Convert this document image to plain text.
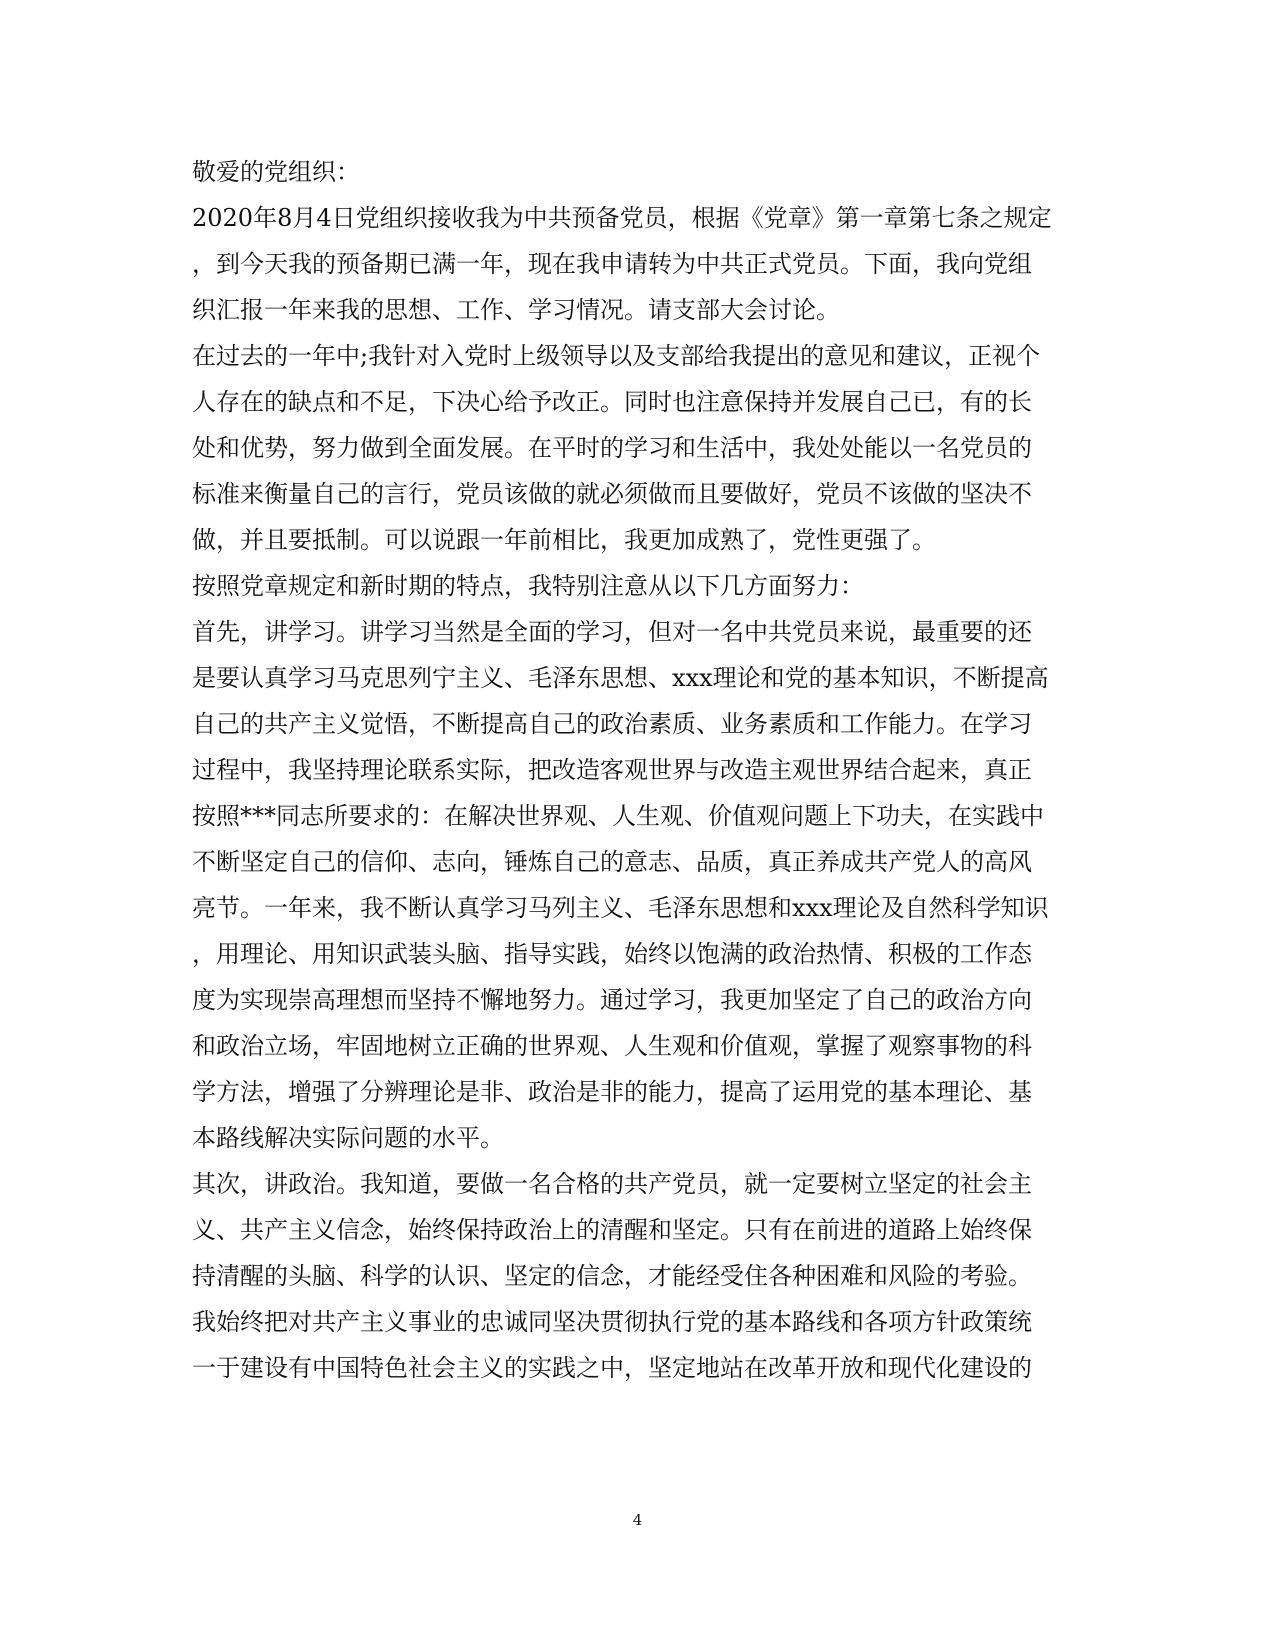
敬爱的党组织：
2020年8月4日党组织接收我为中共预备党员，根据《党章》第一章第七条之规定
，到今天我的预备期已满一年，现在我申请转为中共正式党员。下面，我向党组
织汇报一年来我的思想、工作、学习情况。请支部大会讨论。
在过去的一年中;我针对入党时上级领导以及支部给我提出的意见和建议，正视个
人存在的缺点和不足，下决心给予改正。同时也注意保持并发展自己已，有的长
处和优势，努力做到全面发展。在平时的学习和生活中，我处处能以一名党员的
标准来衡量自己的言行，党员该做的就必须做而且要做好，党员不该做的坚决不
做，并且要抵制。可以说跟一年前相比，我更加成熟了，党性更强了。
按照党章规定和新时期的特点，我特别注意从以下几方面努力：
首先，讲学习。讲学习当然是全面的学习，但对一名中共党员来说，最重要的还
是要认真学习马克思列宁主义、毛泽东思想、xxx理论和党的基本知识，不断提高
自己的共产主义觉悟，不断提高自己的政治素质、业务素质和工作能力。在学习
过程中，我坚持理论联系实际，把改造客观世界与改造主观世界结合起来，真正
按照***同志所要求的：在解决世界观、人生观、价值观问题上下功夫，在实践中
不断坚定自己的信仰、志向，锤炼自己的意志、品质，真正养成共产党人的高风
亮节。一年来，我不断认真学习马列主义、毛泽东思想和xxx理论及自然科学知识
，用理论、用知识武装头脑、指导实践，始终以饱满的政治热情、积极的工作态
度为实现崇高理想而坚持不懈地努力。通过学习，我更加坚定了自己的政治方向
和政治立场，牢固地树立正确的世界观、人生观和价值观，掌握了观察事物的科
学方法，增强了分辨理论是非、政治是非的能力，提高了运用党的基本理论、基
本路线解决实际问题的水平。
其次，讲政治。我知道，要做一名合格的共产党员，就一定要树立坚定的社会主
义、共产主义信念，始终保持政治上的清醒和坚定。只有在前进的道路上始终保
持清醒的头脑、科学的认识、坚定的信念，才能经受住各种困难和风险的考验。
我始终把对共产主义事业的忠诚同坚决贯彻执行党的基本路线和各项方针政策统
一于建设有中国特色社会主义的实践之中，坚定地站在改革开放和现代化建设的
4
